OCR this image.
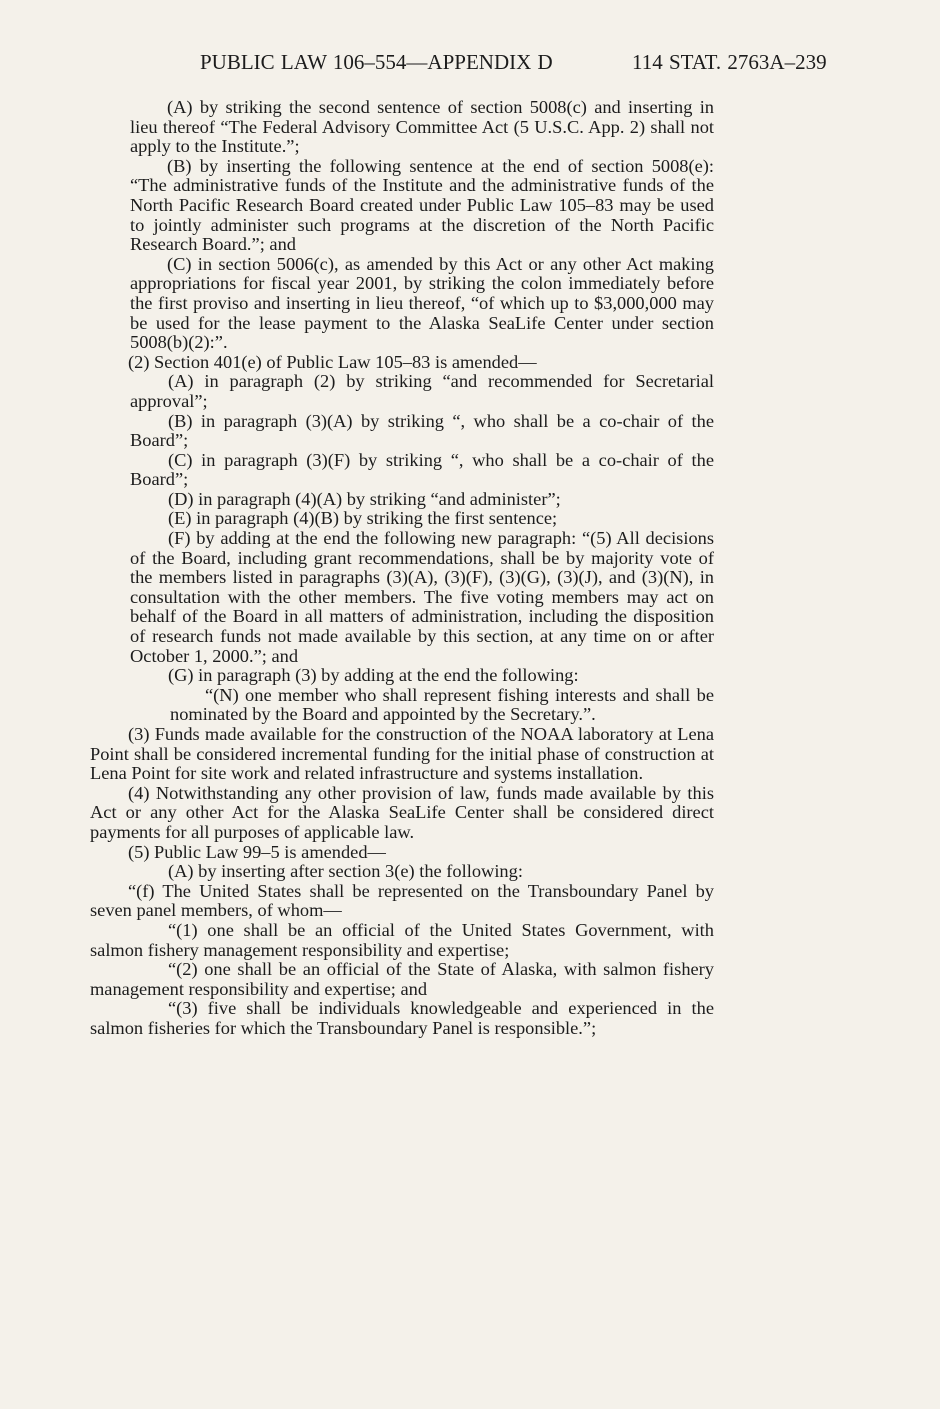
PUBLIC LAW 106–554—APPENDIX D	114 STAT. 2763A–239

(A) by striking the second sentence of section 5008(c) and inserting in lieu thereof “The Federal Advisory Committee Act (5 U.S.C. App. 2) shall not apply to the Institute.”;

(B) by inserting the following sentence at the end of section 5008(e): “The administrative funds of the Institute and the administrative funds of the North Pacific Research Board created under Public Law 105–83 may be used to jointly administer such programs at the discretion of the North Pacific Research Board.”; and

(C) in section 5006(c), as amended by this Act or any other Act making appropriations for fiscal year 2001, by striking the colon immediately before the first proviso and inserting in lieu thereof, “of which up to $3,000,000 may be used for the lease payment to the Alaska SeaLife Center under section 5008(b)(2):”.

(2) Section 401(e) of Public Law 105–83 is amended—

(A) in paragraph (2) by striking “and recommended for Secretarial approval”;

(B) in paragraph (3)(A) by striking “, who shall be a co-chair of the Board”;

(C) in paragraph (3)(F) by striking “, who shall be a co-chair of the Board”;

(D) in paragraph (4)(A) by striking “and administer”;

(E) in paragraph (4)(B) by striking the first sentence;

(F) by adding at the end the following new paragraph: “(5) All decisions of the Board, including grant recommendations, shall be by majority vote of the members listed in paragraphs (3)(A), (3)(F), (3)(G), (3)(J), and (3)(N), in consultation with the other members. The five voting members may act on behalf of the Board in all matters of administration, including the disposition of research funds not made available by this section, at any time on or after October 1, 2000.”; and

(G) in paragraph (3) by adding at the end the following:

“(N) one member who shall represent fishing interests and shall be nominated by the Board and appointed by the Secretary.”.

(3) Funds made available for the construction of the NOAA laboratory at Lena Point shall be considered incremental funding for the initial phase of construction at Lena Point for site work and related infrastructure and systems installation.

(4) Notwithstanding any other provision of law, funds made available by this Act or any other Act for the Alaska SeaLife Center shall be considered direct payments for all purposes of applicable law.

(5) Public Law 99–5 is amended—

(A) by inserting after section 3(e) the following:

“(f) The United States shall be represented on the Transboundary Panel by seven panel members, of whom—

“(1) one shall be an official of the United States Government, with salmon fishery management responsibility and expertise;

“(2) one shall be an official of the State of Alaska, with salmon fishery management responsibility and expertise; and

“(3) five shall be individuals knowledgeable and experienced in the salmon fisheries for which the Transboundary Panel is responsible.”;
